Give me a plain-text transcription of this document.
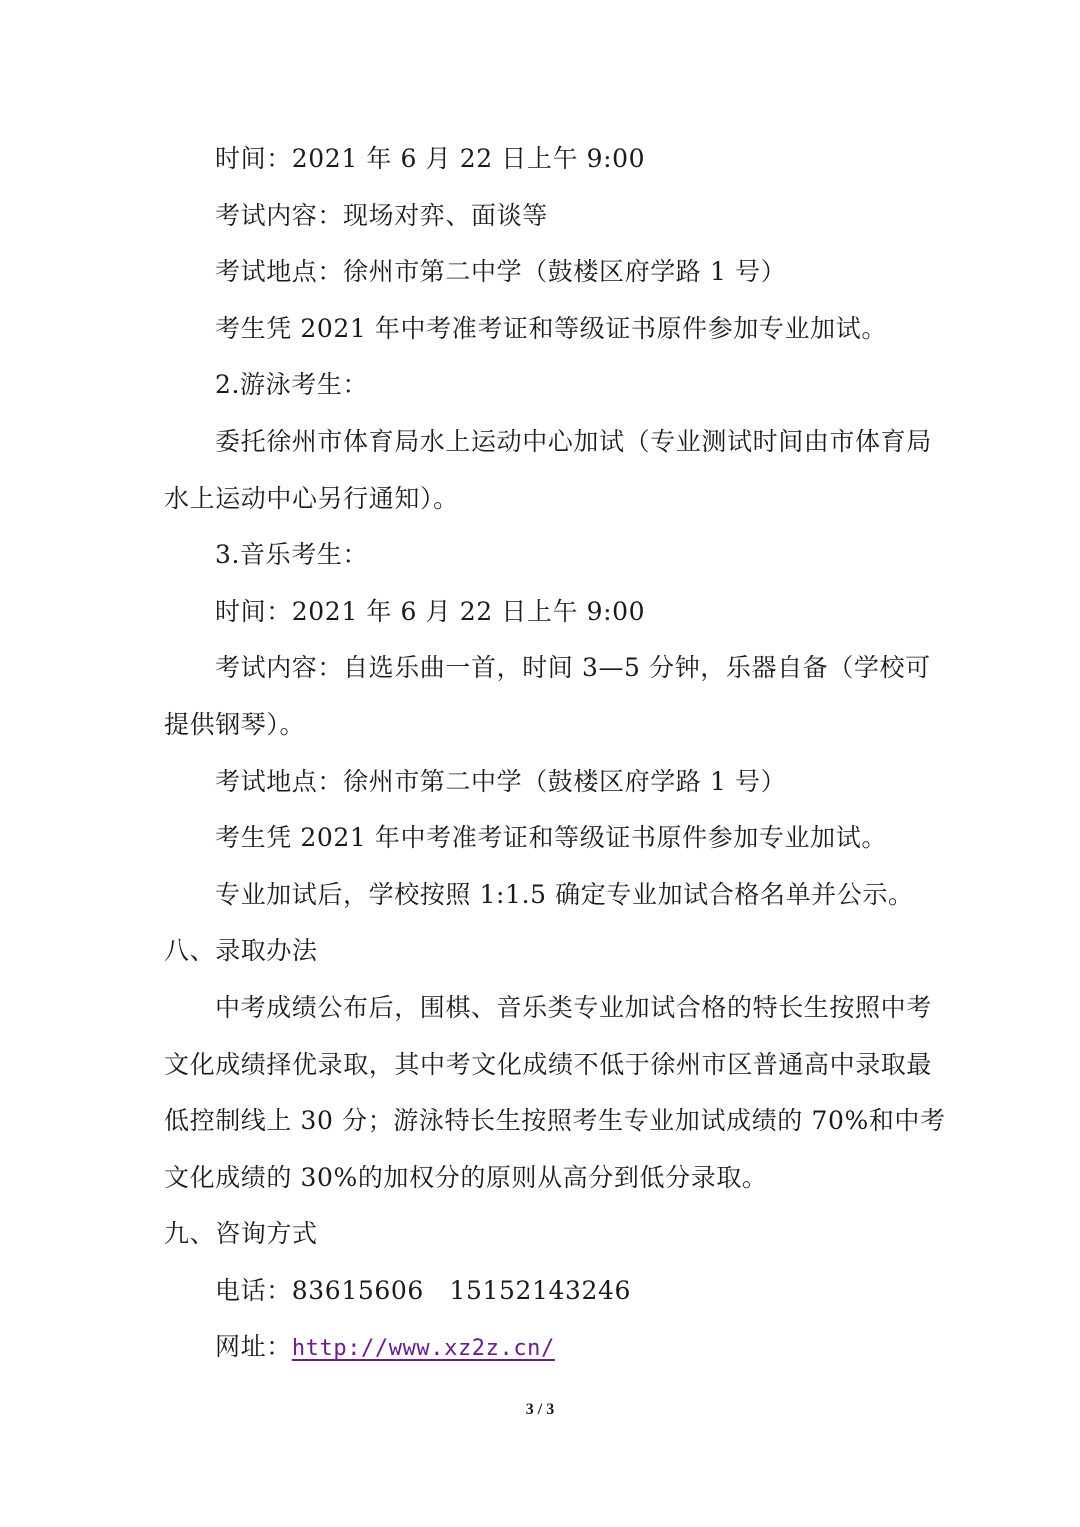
时间：2021 年 6 月 22 日上午 9:00
考试内容：现场对弈、面谈等
考试地点：徐州市第二中学（鼓楼区府学路 1 号）
考生凭 2021 年中考准考证和等级证书原件参加专业加试。
2.游泳考生：
委托徐州市体育局水上运动中心加试（专业测试时间由市体育局
水上运动中心另行通知）。
3.音乐考生：
时间：2021 年 6 月 22 日上午 9:00
考试内容：自选乐曲一首，时间 3—5 分钟，乐器自备（学校可
提供钢琴）。
考试地点：徐州市第二中学（鼓楼区府学路 1 号）
考生凭 2021 年中考准考证和等级证书原件参加专业加试。
专业加试后，学校按照 1:1.5 确定专业加试合格名单并公示。
八、录取办法
中考成绩公布后，围棋、音乐类专业加试合格的特长生按照中考
文化成绩择优录取，其中考文化成绩不低于徐州市区普通高中录取最
低控制线上 30 分；游泳特长生按照考生专业加试成绩的 70%和中考
文化成绩的 30%的加权分的原则从高分到低分录取。
九、咨询方式
电话：83615606   15152143246
网址：http://www.xz2z.cn/
3 / 3
